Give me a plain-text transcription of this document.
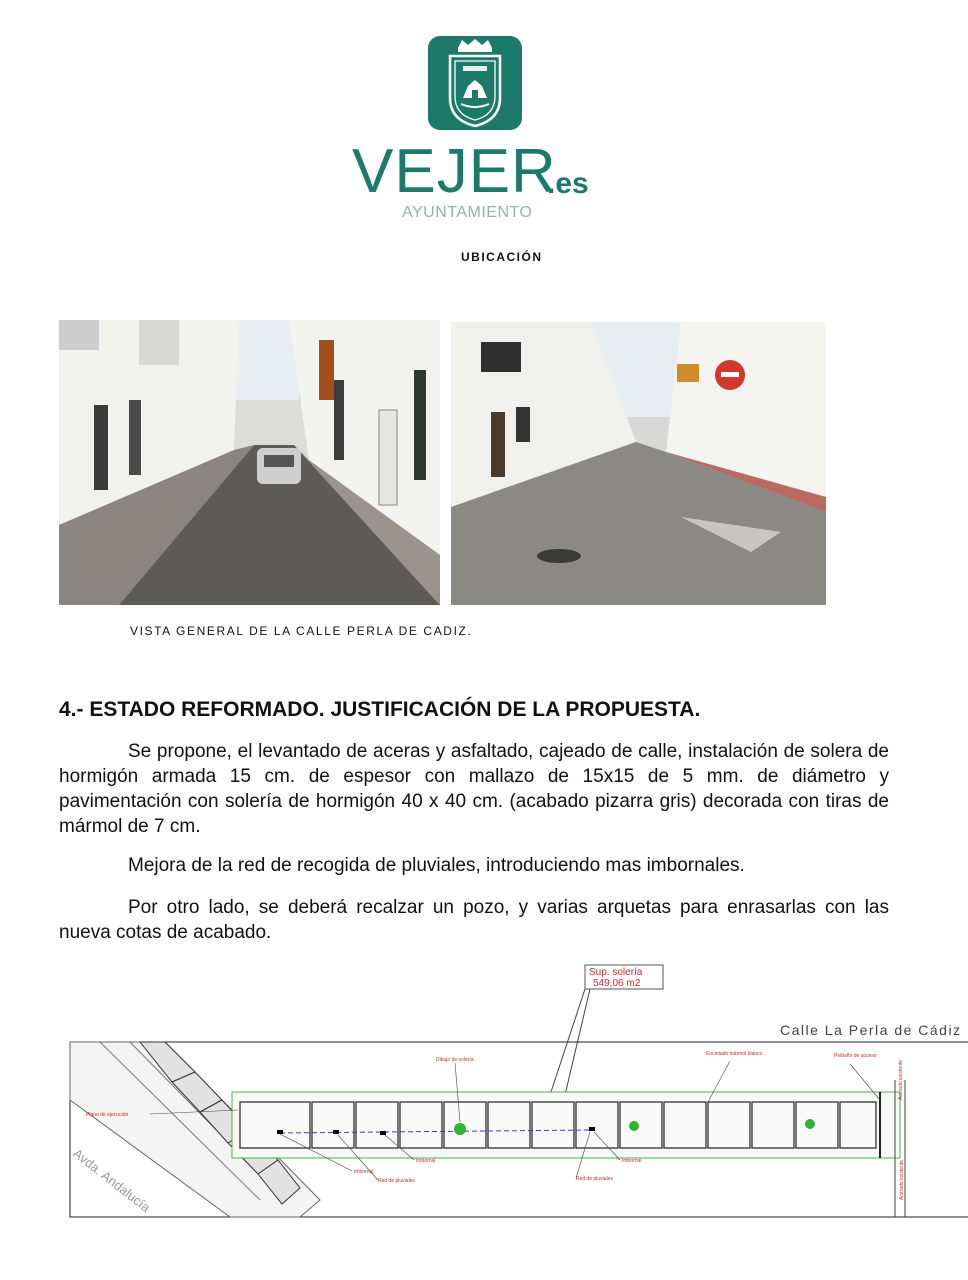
VEJER
.es
AYUNTAMIENTO
UBICACIÓN
VISTA GENERAL DE LA CALLE PERLA DE CADIZ.
4.- ESTADO REFORMADO. JUSTIFICACIÓN DE LA PROPUESTA.

Se propone, el levantado de aceras y asfaltado, cajeado de calle, instalación de solera de hormigón armada 15 cm. de espesor con mallazo de 15x15 de 5 mm. de diámetro y pavimentación con solería de hormigón 40 x 40 cm. (acabado pizarra gris) decorada con tiras de mármol de 7 cm.

Mejora de la red de recogida de pluviales, introduciendo mas imbornales.

Por otro lado, se deberá recalzar un pozo, y varias arquetas para enrasarlas con las nueva cotas de acabado.

Sup. solería
549,06 m2
Calle La Perla de Cádiz
Avda. Andalucía
Dibujo de solería
Encintado mármol blanco	Peldaño de acceso
Plano de ejecución
Imbornal
Imbornal
Red de pluviales
Imbornal
Red de pluviales
Acerado existente
Acerado existente
